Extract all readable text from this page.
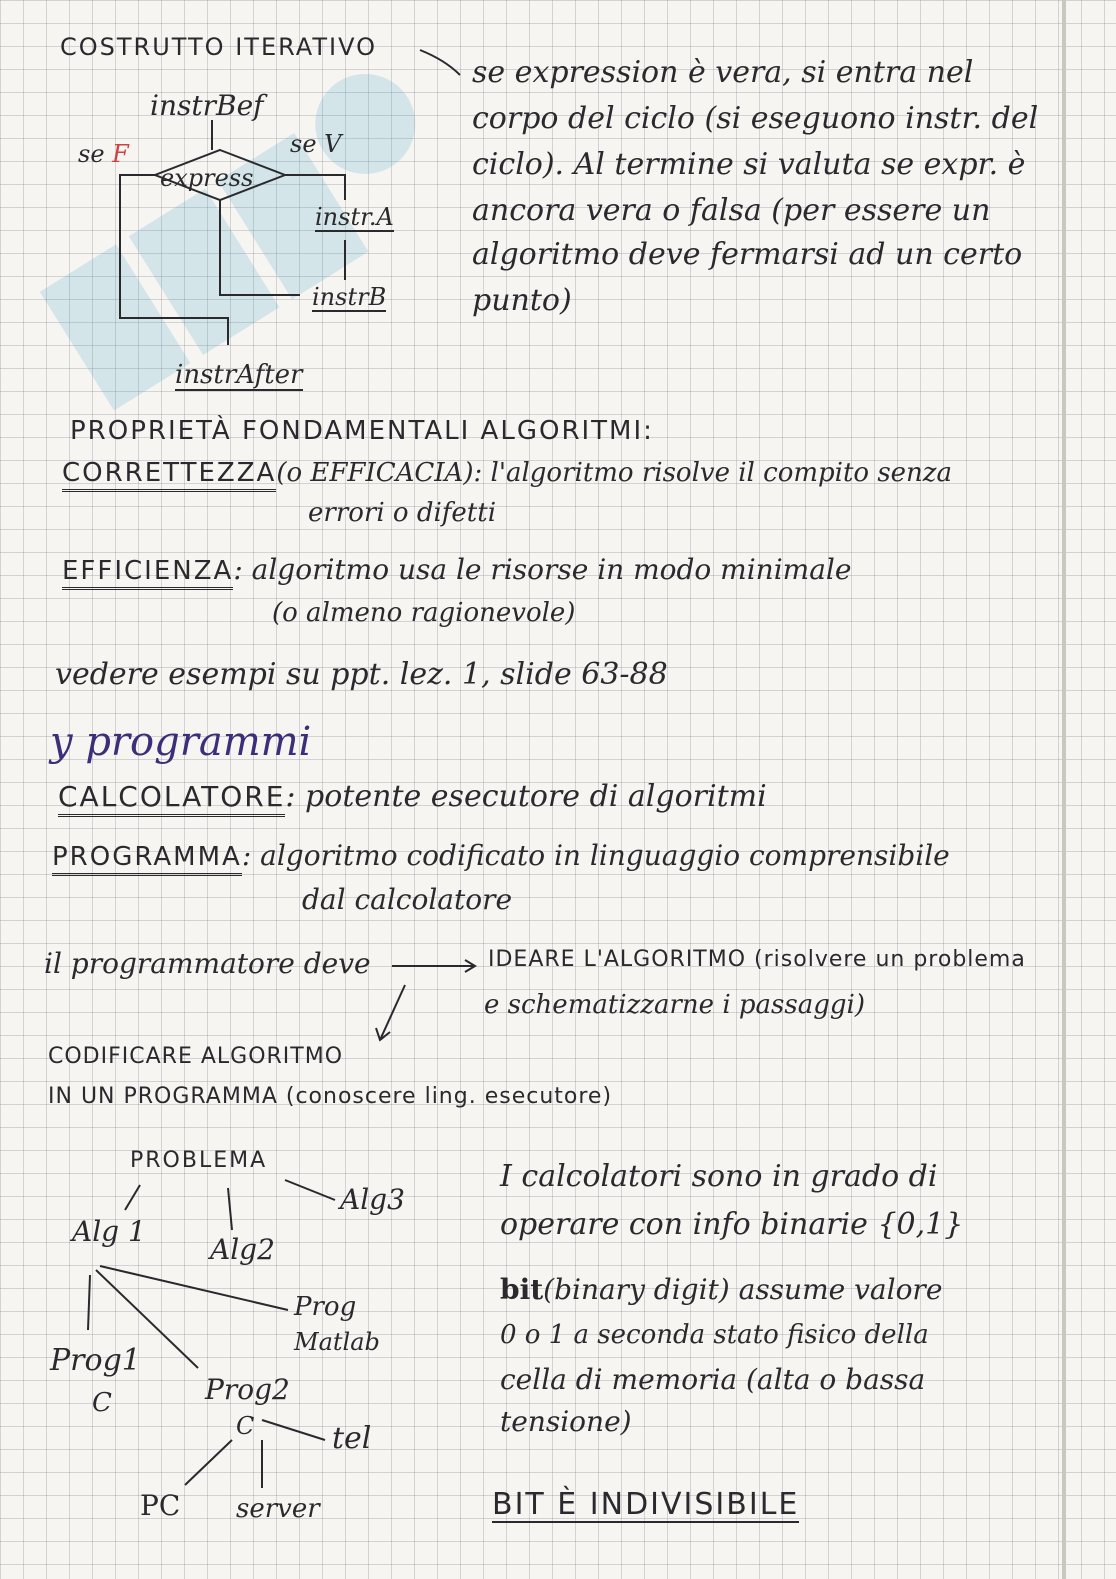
COSTRUTTO ITERATIVO
instrBef
se F	se V
express
instr.A
instrB
instrAfter
se expression è vera, si entra nel
corpo del ciclo (si eseguono instr. del
ciclo). Al termine si valuta se expr. è
ancora vera o falsa (per essere un
algoritmo deve fermarsi ad un certo
punto)
PROPRIETÀ FONDAMENTALI ALGORITMI:
CORRETTEZZA(o EFFICACIA): l'algoritmo risolve il compito senza
errori o difetti
EFFICIENZA: algoritmo usa le risorse in modo minimale
(o almeno ragionevole)
vedere esempi su ppt. lez. 1, slide 63-88
y programmi
CALCOLATORE: potente esecutore di algoritmi
PROGRAMMA: algoritmo codificato in linguaggio comprensibile
dal calcolatore
il programmatore deve	IDEARE L'ALGORITMO (risolvere un problema
e schematizzarne i passaggi)
CODIFICARE ALGORITMO
IN UN PROGRAMMA (conoscere ling. esecutore)
PROBLEMA
Alg 1
Alg2
Alg3
Prog
Matlab
Prog1
C	Prog2
C	tel
PC server
I calcolatori sono in grado di
operare con info binarie {0,1}
bit(binary digit) assume valore
0 o 1 a seconda stato fisico della
cella di memoria (alta o bassa
tensione)
BIT È INDIVISIBILE
